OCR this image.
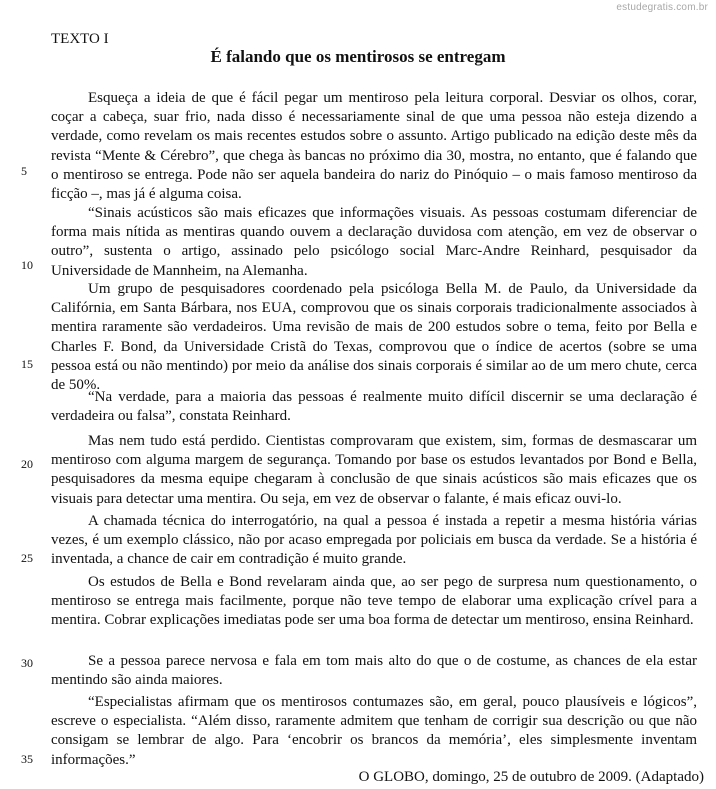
estudegratis.com.br
TEXTO I
É falando que os mentirosos se entregam

Esqueça a ideia de que é fácil pegar um mentiroso pela leitura corporal. Desviar os olhos, corar, coçar a cabeça, suar frio, nada disso é necessariamente sinal de que uma pessoa não esteja dizendo a verdade, como revelam os mais recentes estudos sobre o assunto. Artigo publicado na edição deste mês da revista “Mente & Cérebro”, que chega às bancas no próximo dia 30, mostra, no entanto, que é falando que o mentiroso se entrega. Pode não ser aquela bandeira do nariz do Pinóquio – o mais famoso mentiroso da ficção –, mas já é alguma coisa.

“Sinais acústicos são mais eficazes que informações visuais. As pessoas costumam diferenciar de forma mais nítida as mentiras quando ouvem a declaração duvidosa com atenção, em vez de observar o outro”, sustenta o artigo, assinado pelo psicólogo social Marc-Andre Reinhard, pesquisador da Universidade de Mannheim, na Alemanha.

Um grupo de pesquisadores coordenado pela psicóloga Bella M. de Paulo, da Universidade da Califórnia, em Santa Bárbara, nos EUA, comprovou que os sinais corporais tradicionalmente associados à mentira raramente são verdadeiros. Uma revisão de mais de 200 estudos sobre o tema, feito por Bella e Charles F. Bond, da Universidade Cristã do Texas, comprovou que o índice de acertos (sobre se uma pessoa está ou não mentindo) por meio da análise dos sinais corporais é similar ao de um mero chute, cerca de 50%.

“Na verdade, para a maioria das pessoas é realmente muito difícil discernir se uma declaração é verdadeira ou falsa”, constata Reinhard.

Mas nem tudo está perdido. Cientistas comprovaram que existem, sim, formas de desmascarar um mentiroso com alguma margem de segurança. Tomando por base os estudos levantados por Bond e Bella, pesquisadores da mesma equipe chegaram à conclusão de que sinais acústicos são mais eficazes que os visuais para detectar uma mentira. Ou seja, em vez de observar o falante, é mais eficaz ouvi-lo.

A chamada técnica do interrogatório, na qual a pessoa é instada a repetir a mesma história várias vezes, é um exemplo clássico, não por acaso empregada por policiais em busca da verdade. Se a história é inventada, a chance de cair em contradição é muito grande.

Os estudos de Bella e Bond revelaram ainda que, ao ser pego de surpresa num questionamento, o mentiroso se entrega mais facilmente, porque não teve tempo de elaborar uma explicação crível para a mentira. Cobrar explicações imediatas pode ser uma boa forma de detectar um mentiroso, ensina Reinhard.

Se a pessoa parece nervosa e fala em tom mais alto do que o de costume, as chances de ela estar mentindo são ainda maiores.

“Especialistas afirmam que os mentirosos contumazes são, em geral, pouco plausíveis e lógicos”, escreve o especialista. “Além disso, raramente admitem que tenham de corrigir sua descrição ou que não consigam se lembrar de algo. Para ‘encobrir os brancos da memória’, eles simplesmente inventam informações.”

5
10
15
20
25
30
35
O GLOBO, domingo, 25 de outubro de 2009. (Adaptado)
